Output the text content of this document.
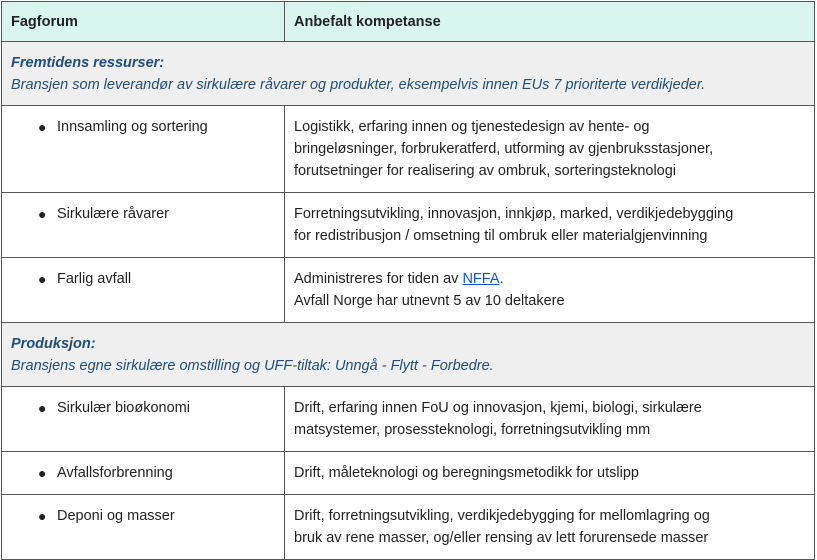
Fagforum	Anbefalt kompetanse

Fremtidens ressurser:
Bransjen som leverandør av sirkulære råvarer og produkter, eksempelvis innen EUs 7 prioriterte verdikjeder.	

● Innsamling og sortering	Logistikk, erfaring innen og tjenestedesign av hente- og
bringeløsninger, forbrukeratferd, utforming av gjenbruksstasjoner,
forutsetninger for realisering av ombruk, sorteringsteknologi

● Sirkulære råvarer	Forretningsutvikling, innovasjon, innkjøp, marked, verdikjedebygging
for redistribusjon / omsetning til ombruk eller materialgjenvinning

● Farlig avfall	Administreres for tiden av NFFA.
Avfall Norge har utnevnt 5 av 10 deltakere

Produksjon:
Bransjens egne sirkulære omstilling og UFF-tiltak: Unngå - Flytt - Forbedre.	

● Sirkulær bioøkonomi	Drift, erfaring innen FoU og innovasjon, kjemi, biologi, sirkulære
matsystemer, prosessteknologi, forretningsutvikling mm

● Avfallsforbrenning	Drift, måleteknologi og beregningsmetodikk for utslipp

● Deponi og masser	Drift, forretningsutvikling, verdikjedebygging for mellomlagring og
bruk av rene masser, og/eller rensing av lett forurensede masser
